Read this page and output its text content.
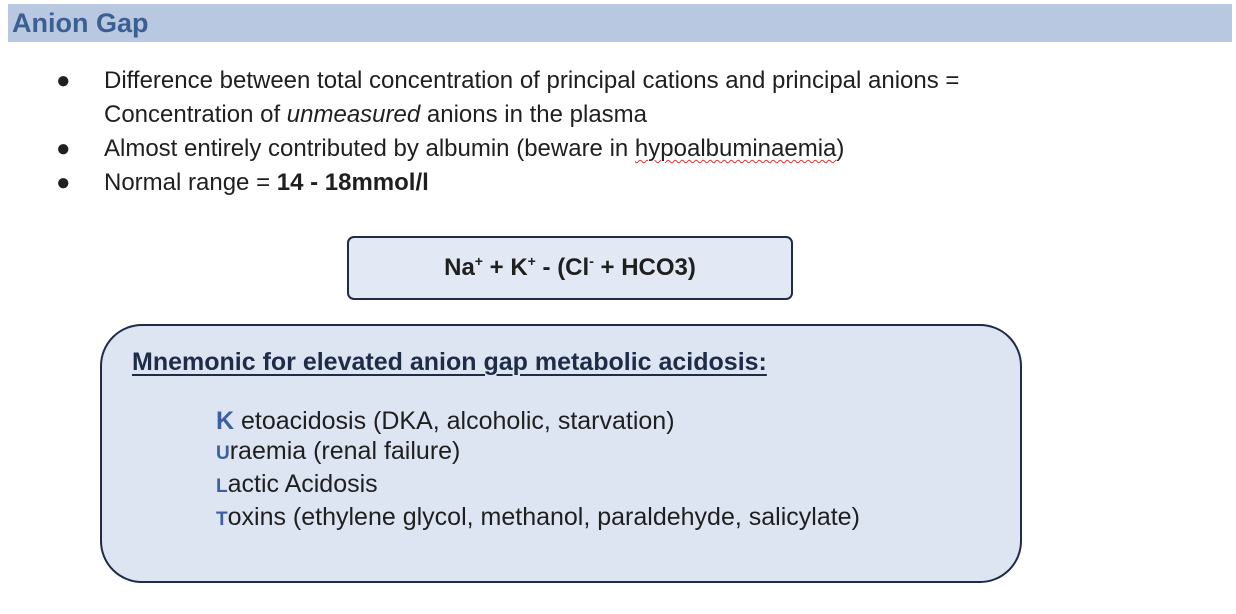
Anion Gap
● Difference between total concentration of principal cations and principal anions =
Concentration of unmeasured anions in the plasma
● Almost entirely contributed by albumin (beware in hypoalbuminaemia)
● Normal range = 14 - 18mmol/l
Na+ + K+ - (Cl- + HCO3)
Mnemonic for elevated anion gap metabolic acidosis:
K etoacidosis (DKA, alcoholic, starvation)
Uraemia (renal failure)
Lactic Acidosis
Toxins (ethylene glycol, methanol, paraldehyde, salicylate)
